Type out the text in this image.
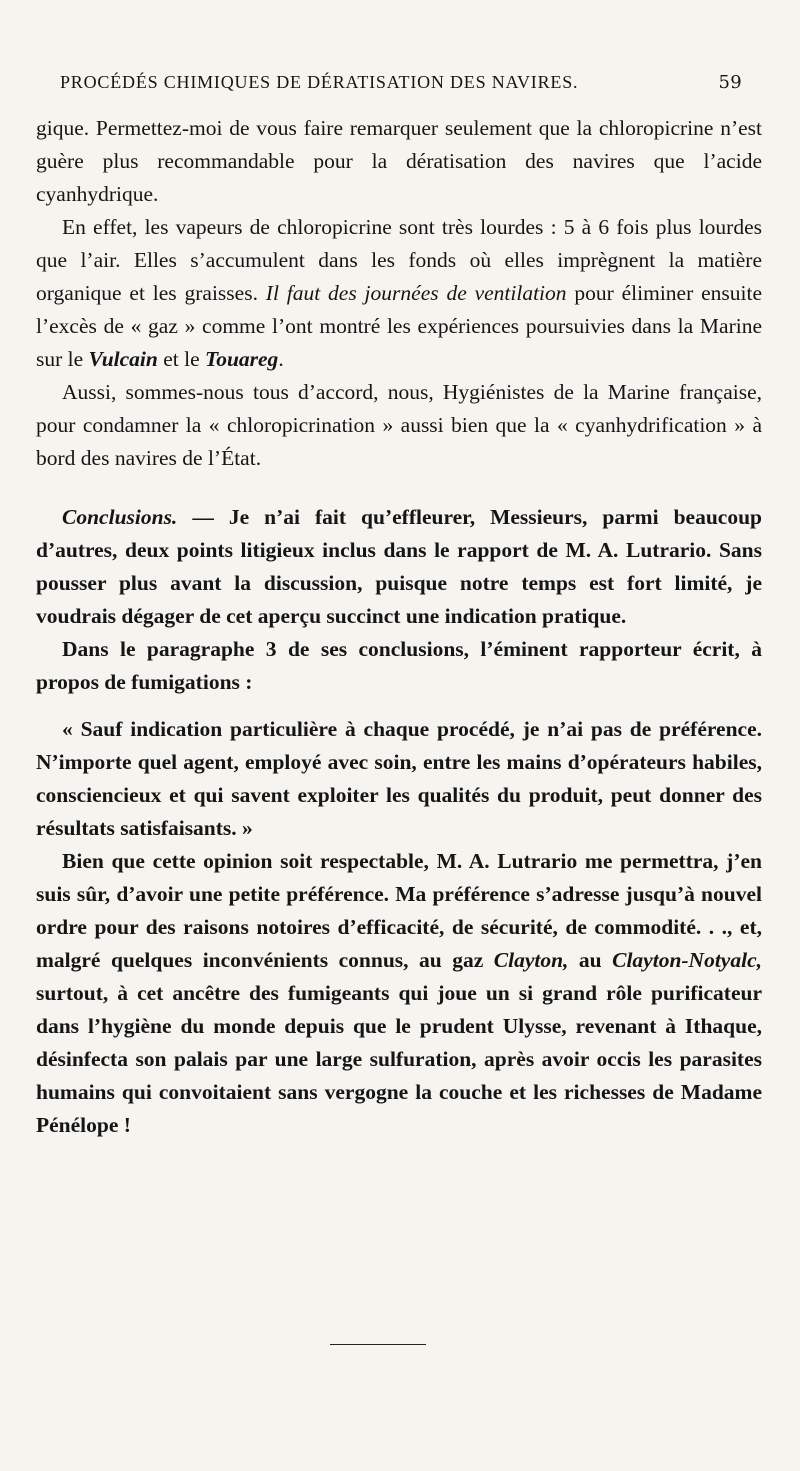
PROCÉDÉS CHIMIQUES DE DÉRATISATION DES NAVIRES.	59

gique. Permettez-moi de vous faire remarquer seulement que la chloropicrine n’est guère plus recommandable pour la dératisation des navires que l’acide cyanhydrique.

En effet, les vapeurs de chloropicrine sont très lourdes : 5 à 6 fois plus lourdes que l’air. Elles s’accumulent dans les fonds où elles imprègnent la matière organique et les graisses. Il faut des journées de ventilation pour éliminer ensuite l’excès de « gaz » comme l’ont montré les expériences poursuivies dans la Marine sur le Vulcain et le Touareg.

Aussi, sommes-nous tous d’accord, nous, Hygiénistes de la Marine française, pour condamner la « chloropicrination » aussi bien que la « cyanhydrification » à bord des navires de l’État.

Conclusions. — Je n’ai fait qu’effleurer, Messieurs, parmi beaucoup d’autres, deux points litigieux inclus dans le rapport de M. A. Lutrario. Sans pousser plus avant la discussion, puisque notre temps est fort limité, je voudrais dégager de cet aperçu succinct une indication pratique.

Dans le paragraphe 3 de ses conclusions, l’éminent rapporteur écrit, à propos de fumigations :

« Sauf indication particulière à chaque procédé, je n’ai pas de préférence. N’importe quel agent, employé avec soin, entre les mains d’opérateurs habiles, consciencieux et qui savent exploiter les qualités du produit, peut donner des résultats satisfaisants. »

Bien que cette opinion soit respectable, M. A. Lutrario me permettra, j’en suis sûr, d’avoir une petite préférence. Ma préférence s’adresse jusqu’à nouvel ordre pour des raisons notoires d’efficacité, de sécurité, de commodité. . ., et, malgré quelques inconvénients connus, au gaz Clayton, au Clayton-Notyalc, surtout, à cet ancêtre des fumigeants qui joue un si grand rôle purificateur dans l’hygiène du monde depuis que le prudent Ulysse, revenant à Ithaque, désinfecta son palais par une large sulfuration, après avoir occis les parasites humains qui convoitaient sans vergogne la couche et les richesses de Madame Pénélope !
